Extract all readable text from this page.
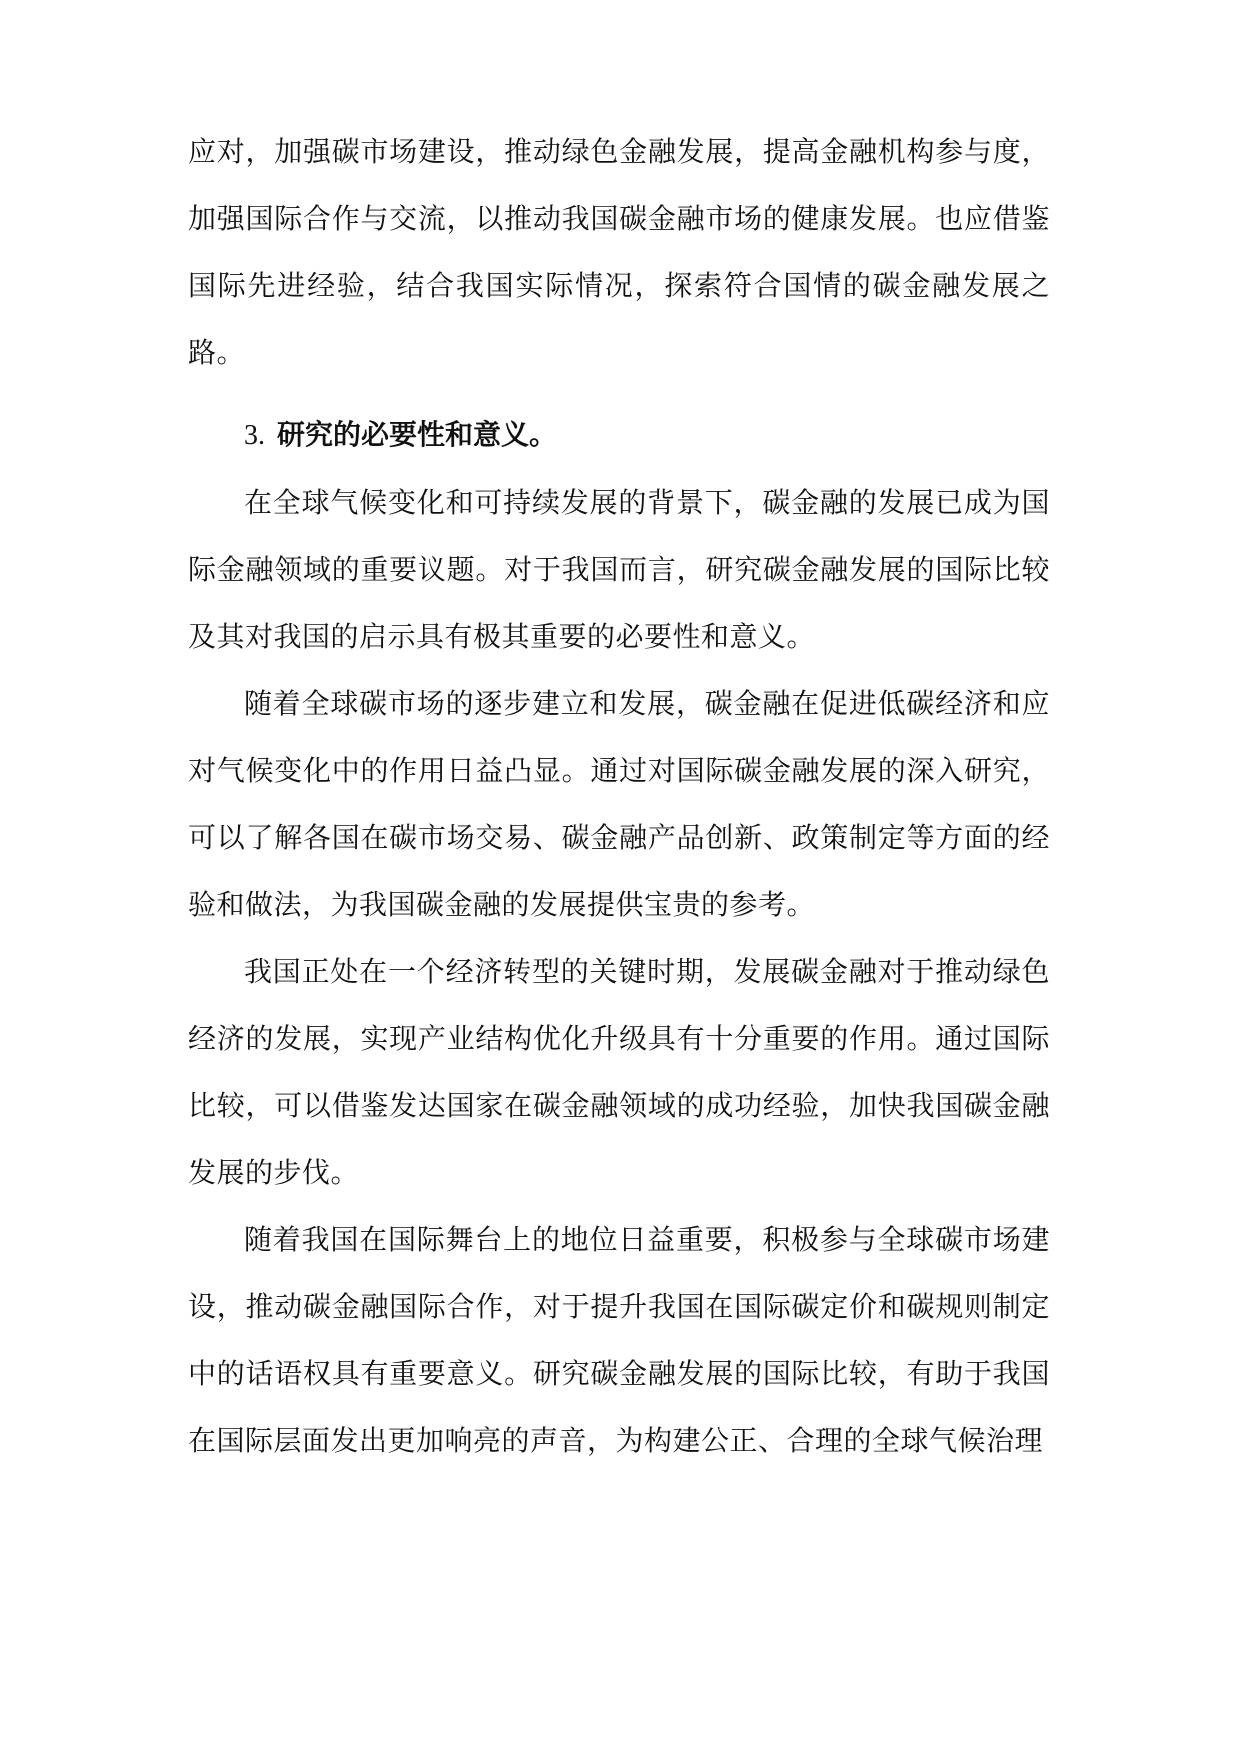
应对，加强碳市场建设，推动绿色金融发展，提高金融机构参与度，加强国际合作与交流，以推动我国碳金融市场的健康发展。也应借鉴国际先进经验，结合我国实际情况，探索符合国情的碳金融发展之路。

3. 研究的必要性和意义。

在全球气候变化和可持续发展的背景下，碳金融的发展已成为国际金融领域的重要议题。对于我国而言，研究碳金融发展的国际比较及其对我国的启示具有极其重要的必要性和意义。

随着全球碳市场的逐步建立和发展，碳金融在促进低碳经济和应对气候变化中的作用日益凸显。通过对国际碳金融发展的深入研究，可以了解各国在碳市场交易、碳金融产品创新、政策制定等方面的经验和做法，为我国碳金融的发展提供宝贵的参考。

我国正处在一个经济转型的关键时期，发展碳金融对于推动绿色经济的发展，实现产业结构优化升级具有十分重要的作用。通过国际比较，可以借鉴发达国家在碳金融领域的成功经验，加快我国碳金融发展的步伐。

随着我国在国际舞台上的地位日益重要，积极参与全球碳市场建设，推动碳金融国际合作，对于提升我国在国际碳定价和碳规则制定中的话语权具有重要意义。研究碳金融发展的国际比较，有助于我国在国际层面发出更加响亮的声音，为构建公正、合理的全球气候治理
